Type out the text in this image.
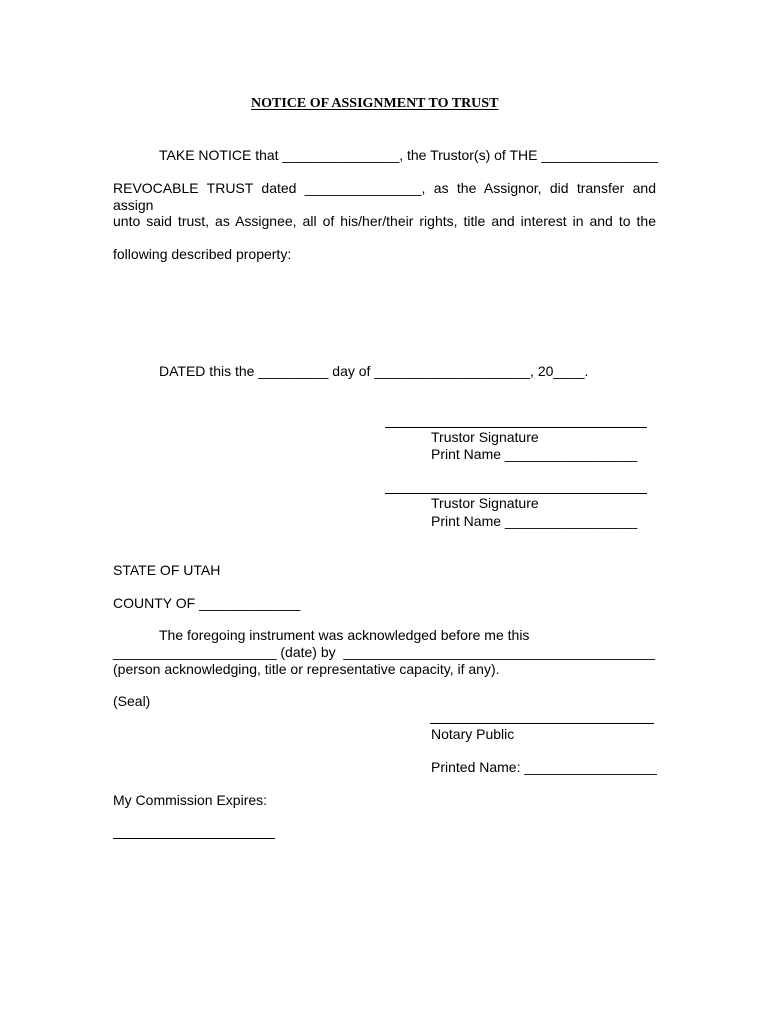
NOTICE OF ASSIGNMENT TO TRUST
TAKE NOTICE that _______________, the Trustor(s) of THE _______________
REVOCABLE TRUST dated _______________, as the Assignor, did transfer and assign
unto said trust, as Assignee, all of his/her/their rights, title and interest in and to the
following described property:
DATED this the _________ day of ____________________, 20____.
Trustor Signature
Print Name _________________
Trustor Signature
Print Name _________________
STATE OF UTAH
COUNTY OF _____________
The foregoing instrument was acknowledged before me this
_____________________ (date) by  ________________________________________
(person acknowledging, title or representative capacity, if any).
(Seal)
Notary Public
Printed Name: _________________
My Commission Expires:
